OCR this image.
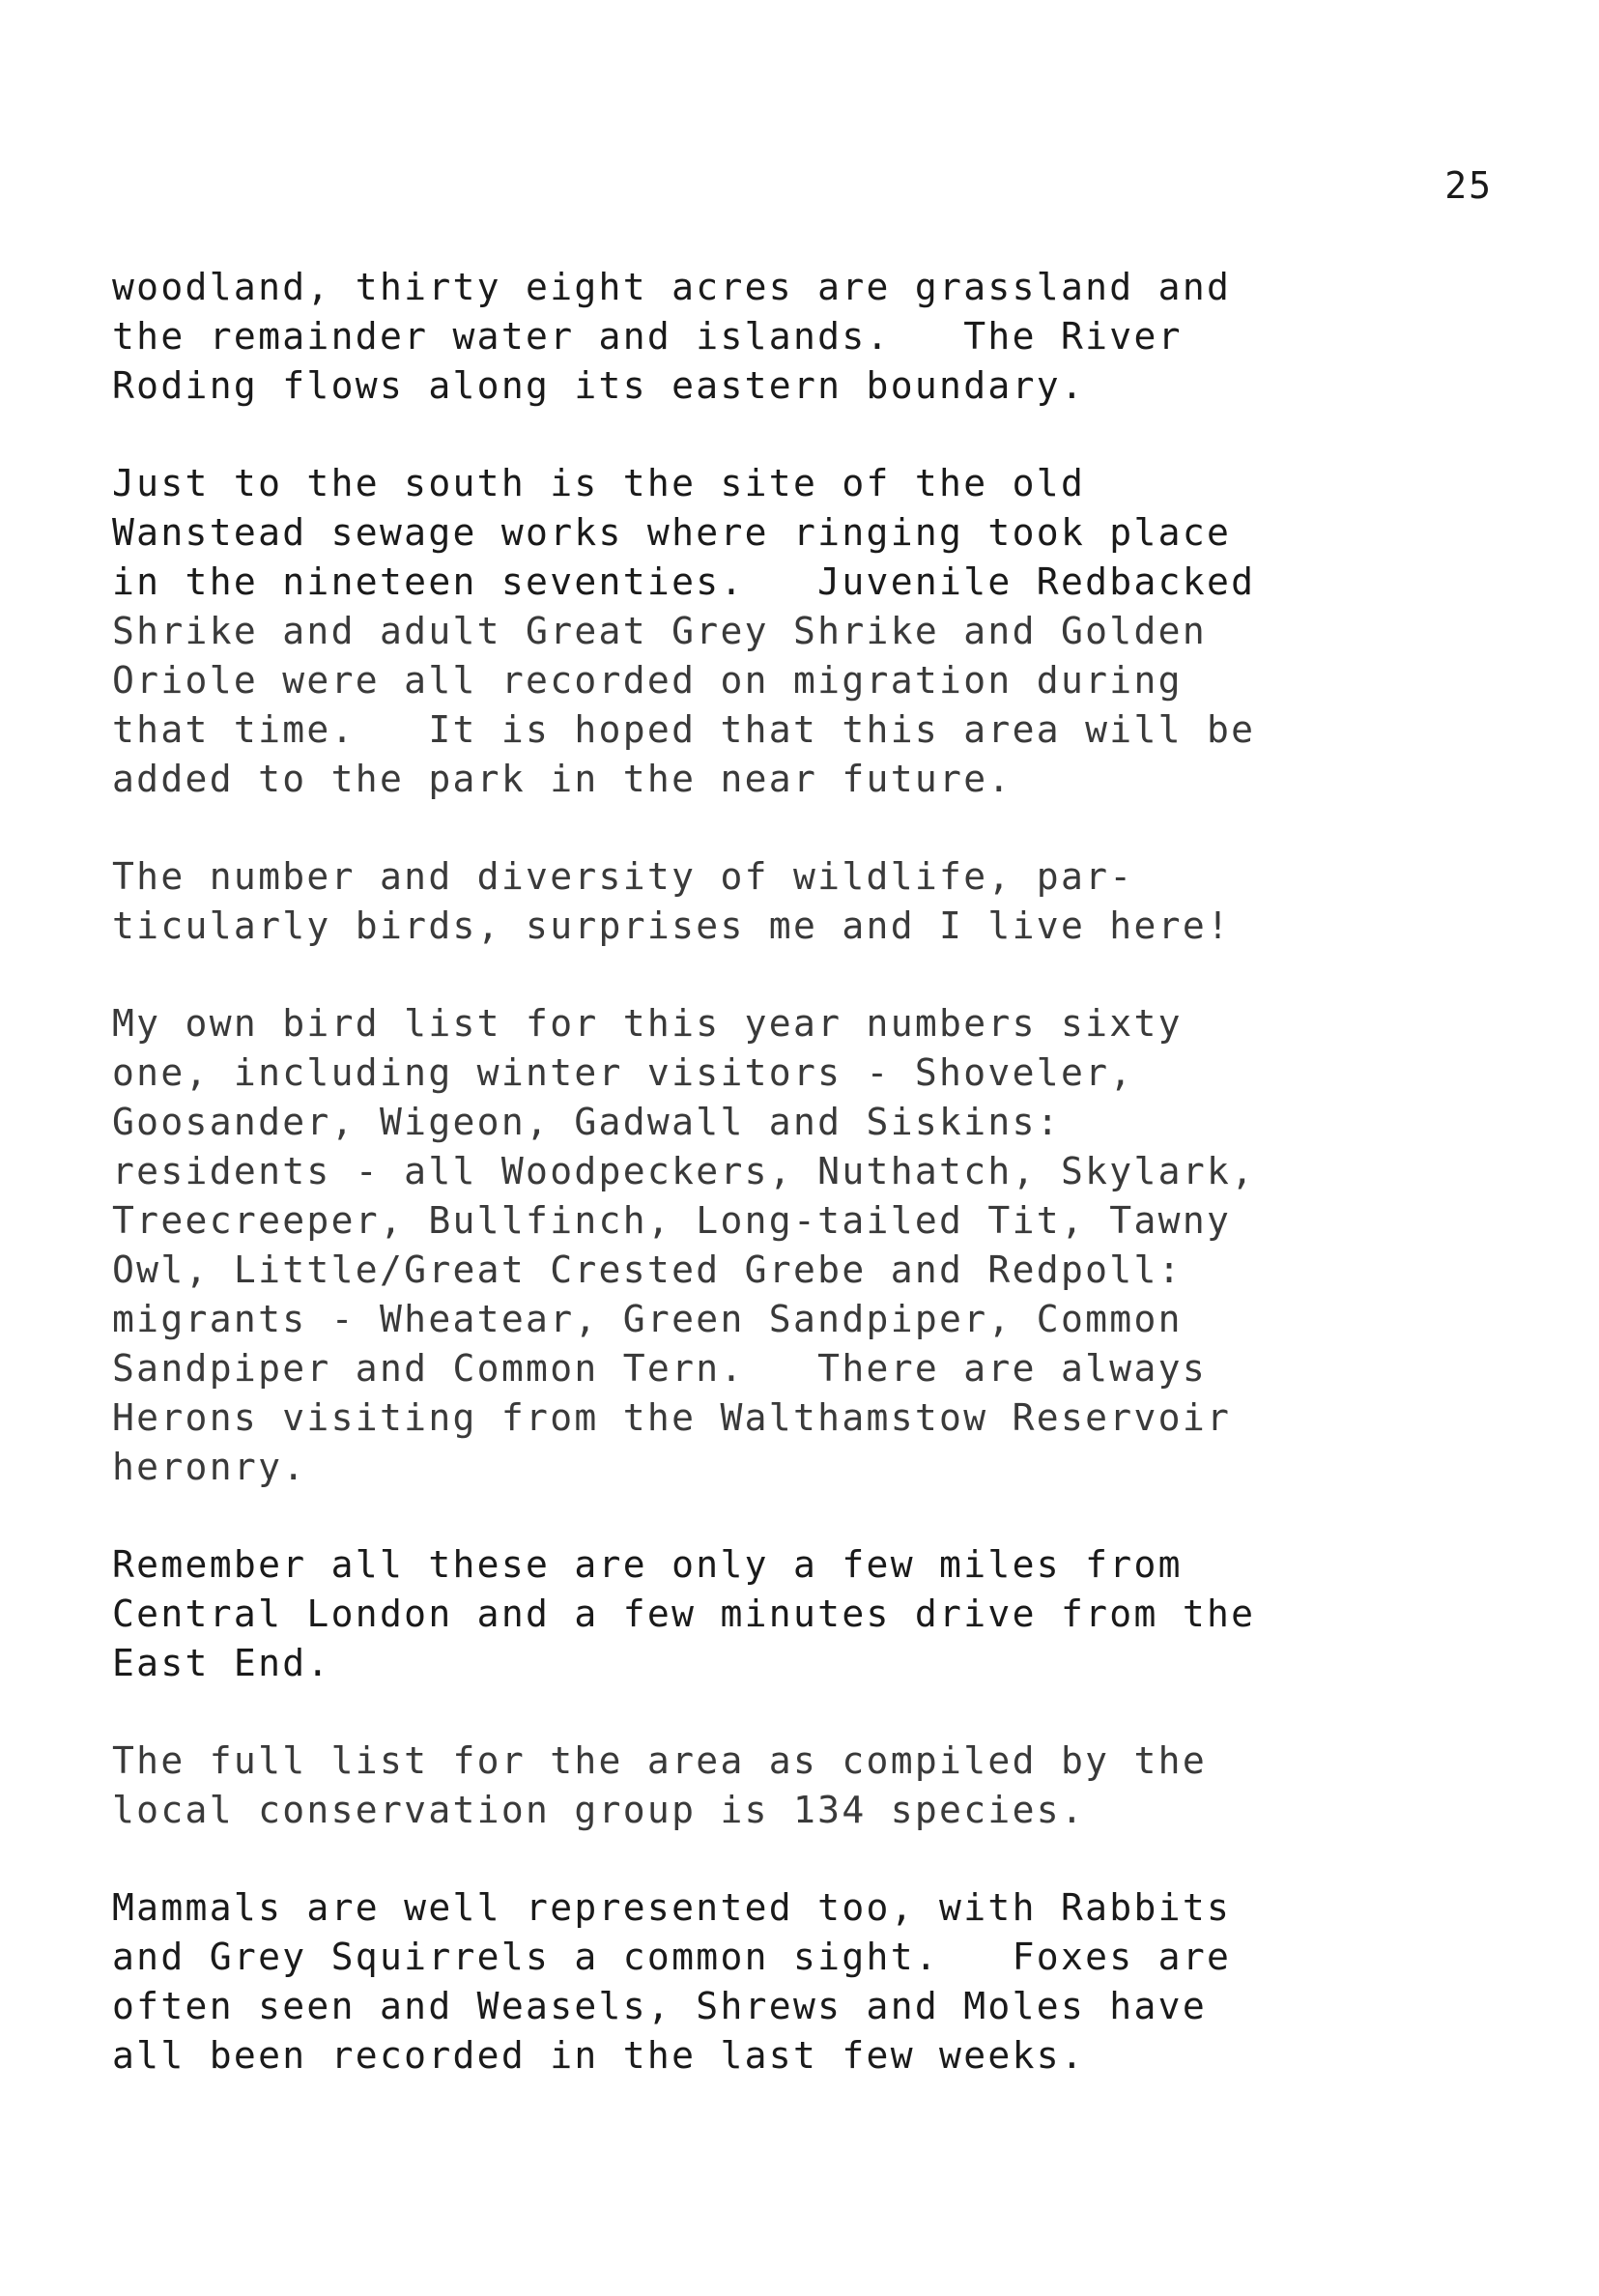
25

woodland, thirty eight acres are grassland and
the remainder water and islands.   The River
Roding flows along its eastern boundary.

Just to the south is the site of the old
Wanstead sewage works where ringing took place
in the nineteen seventies.   Juvenile Redbacked
Shrike and adult Great Grey Shrike and Golden
Oriole were all recorded on migration during
that time.   It is hoped that this area will be
added to the park in the near future.

The number and diversity of wildlife, par-
ticularly birds, surprises me and I live here!

My own bird list for this year numbers sixty
one, including winter visitors - Shoveler,
Goosander, Wigeon, Gadwall and Siskins:
residents - all Woodpeckers, Nuthatch, Skylark,
Treecreeper, Bullfinch, Long-tailed Tit, Tawny
Owl, Little/Great Crested Grebe and Redpoll:
migrants - Wheatear, Green Sandpiper, Common
Sandpiper and Common Tern.   There are always
Herons visiting from the Walthamstow Reservoir
heronry.

Remember all these are only a few miles from
Central London and a few minutes drive from the
East End.

The full list for the area as compiled by the
local conservation group is 134 species.

Mammals are well represented too, with Rabbits
and Grey Squirrels a common sight.   Foxes are
often seen and Weasels, Shrews and Moles have
all been recorded in the last few weeks.
